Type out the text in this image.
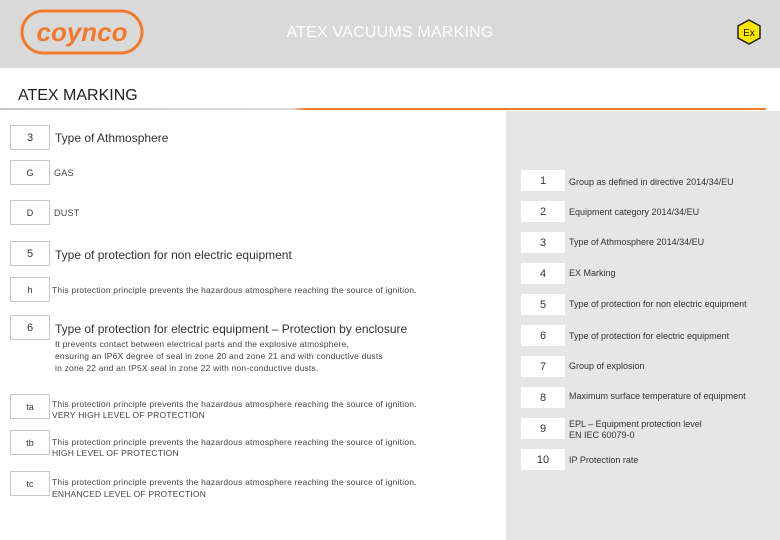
coynco	ATEX VACUUMS MARKING	Ex
ATEX MARKING
3	Type of Athmosphere
G	GAS
D	DUST
5	Type of protection for non electric equipment
h	This protection principle prevents the hazardous atmosphere reaching the source of ignition.
6	Type of protection for electric equipment – Protection by enclosure
It prevents contact between electrical parts and the explosive atmosphere,
ensuring an IP6X degree of seal in zone 20 and zone 21 and with conductive dusts
in zone 22 and an IP5X seal in zone 22 with non-conductive dusts.
ta	This protection principle prevents the hazardous atmosphere reaching the source of ignition.
VERY HIGH LEVEL OF PROTECTION
tb	This protection principle prevents the hazardous atmosphere reaching the source of ignition.
HIGH LEVEL OF PROTECTION
tc	This protection principle prevents the hazardous atmosphere reaching the source of ignition.
ENHANCED LEVEL OF PROTECTION
1	Group as defined in directive 2014/34/EU
2	Equipment category 2014/34/EU
3	Type of Athmosphere 2014/34/EU
4	EX Marking
5	Type of protection for non electric equipment
6	Type of protection for electric equipment
7	Group of explosion
8	Maximum surface temperature of equipment
9	EPL – Equipment protection level
EN IEC 60079-0
10	IP Protection rate
